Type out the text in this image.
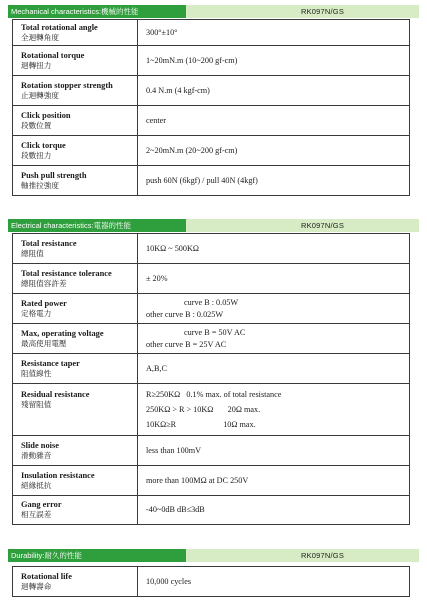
Mechanical characteristics:機械的性能	RK097N/GS
Total rotational angle
全迴轉角度	300°±10°

Rotational torque
迴轉扭力	1~20mN.m (10~200 gf-cm)

Rotation stopper strength
止迴轉強度	0.4 N.m (4 kgf-cm)

Click position
段數位置	center

Click torque
段數扭力	2~20mN.m (20~200 gf-cm)

Push pull strength
軸推拉強度	push 60N (6kgf) / pull 40N (4kgf)
Electrical characteristics:電器的性能	RK097N/GS
Total resistance
總阻值	10KΩ ~ 500KΩ

Total resistance tolerance
總阻值容許差	± 20%

Rated power
定格電力	curve B : 0.05W
other curve B : 0.025W

Max, operating voltage
最高使用電壓	curve B = 50V AC
other curve B = 25V AC

Resistance taper
阻值線性	A,B,C

Residual resistance
殘留阻值	R≥250KΩ   0.1% max. of total resistance
250KΩ > R > 10KΩ       20Ω max.
10KΩ≥R                       10Ω max.

Slide noise
滑動雜音	less than 100mV

Insulation resistance
絕緣抵抗	more than 100MΩ at DC 250V

Gang error
相互誤差	-40~0dB dB≤3dB
Durability:耐久的性能	RK097N/GS
Rotational life
迴轉壽命	10,000 cycles
